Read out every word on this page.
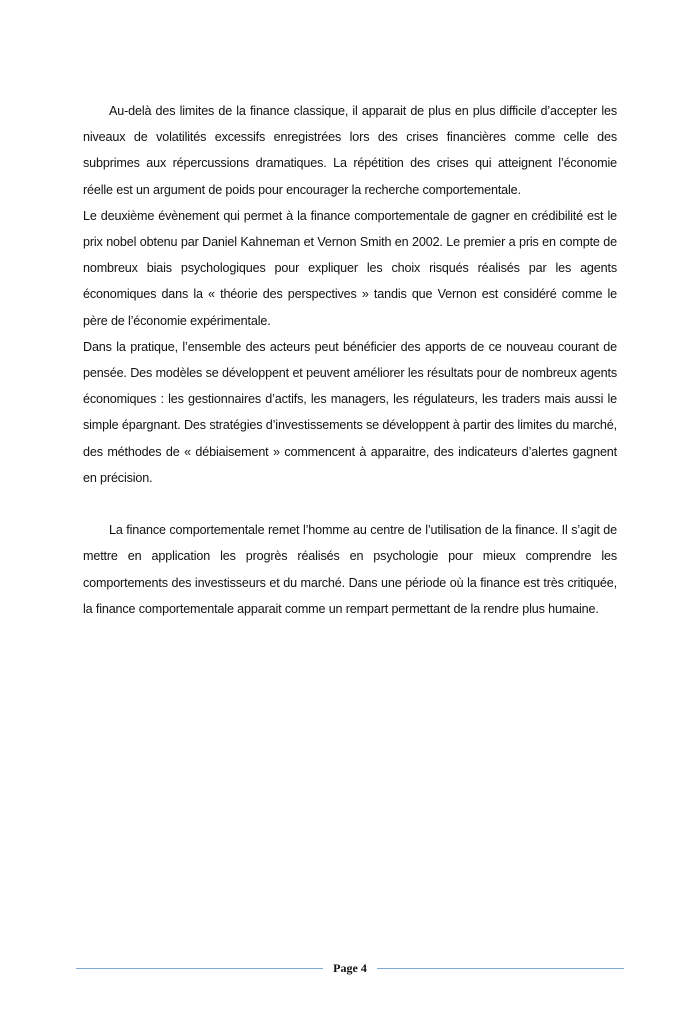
Au-delà des limites de la finance classique, il apparait de plus en plus difficile d’accepter les niveaux de volatilités excessifs enregistrées lors des crises financières comme celle des subprimes aux répercussions dramatiques. La répétition des crises qui atteignent l’économie réelle est un argument de poids pour encourager la recherche comportementale.

Le deuxième évènement qui permet à la finance comportementale de gagner en crédibilité est le prix nobel obtenu par Daniel Kahneman et Vernon Smith en 2002. Le premier a pris en compte de nombreux biais psychologiques pour expliquer les choix risqués réalisés par les agents économiques dans la « théorie des perspectives » tandis que Vernon est considéré comme le père de l’économie expérimentale.

Dans la pratique, l’ensemble des acteurs peut bénéficier des apports de ce nouveau courant de pensée. Des modèles se développent et peuvent améliorer les résultats pour de nombreux agents économiques : les gestionnaires d’actifs, les managers, les régulateurs, les traders mais aussi le simple épargnant. Des stratégies d’investissements se développent à partir des limites du marché, des méthodes de « débiaisement » commencent à apparaitre, des indicateurs d’alertes gagnent en précision.

La finance comportementale remet l’homme au centre de l’utilisation de la finance. Il s’agit de mettre en application les progrès réalisés en psychologie pour mieux comprendre les comportements des investisseurs et du marché. Dans une période où la finance est très critiquée, la finance comportementale apparait comme un rempart permettant de la rendre plus humaine.

Page 4
